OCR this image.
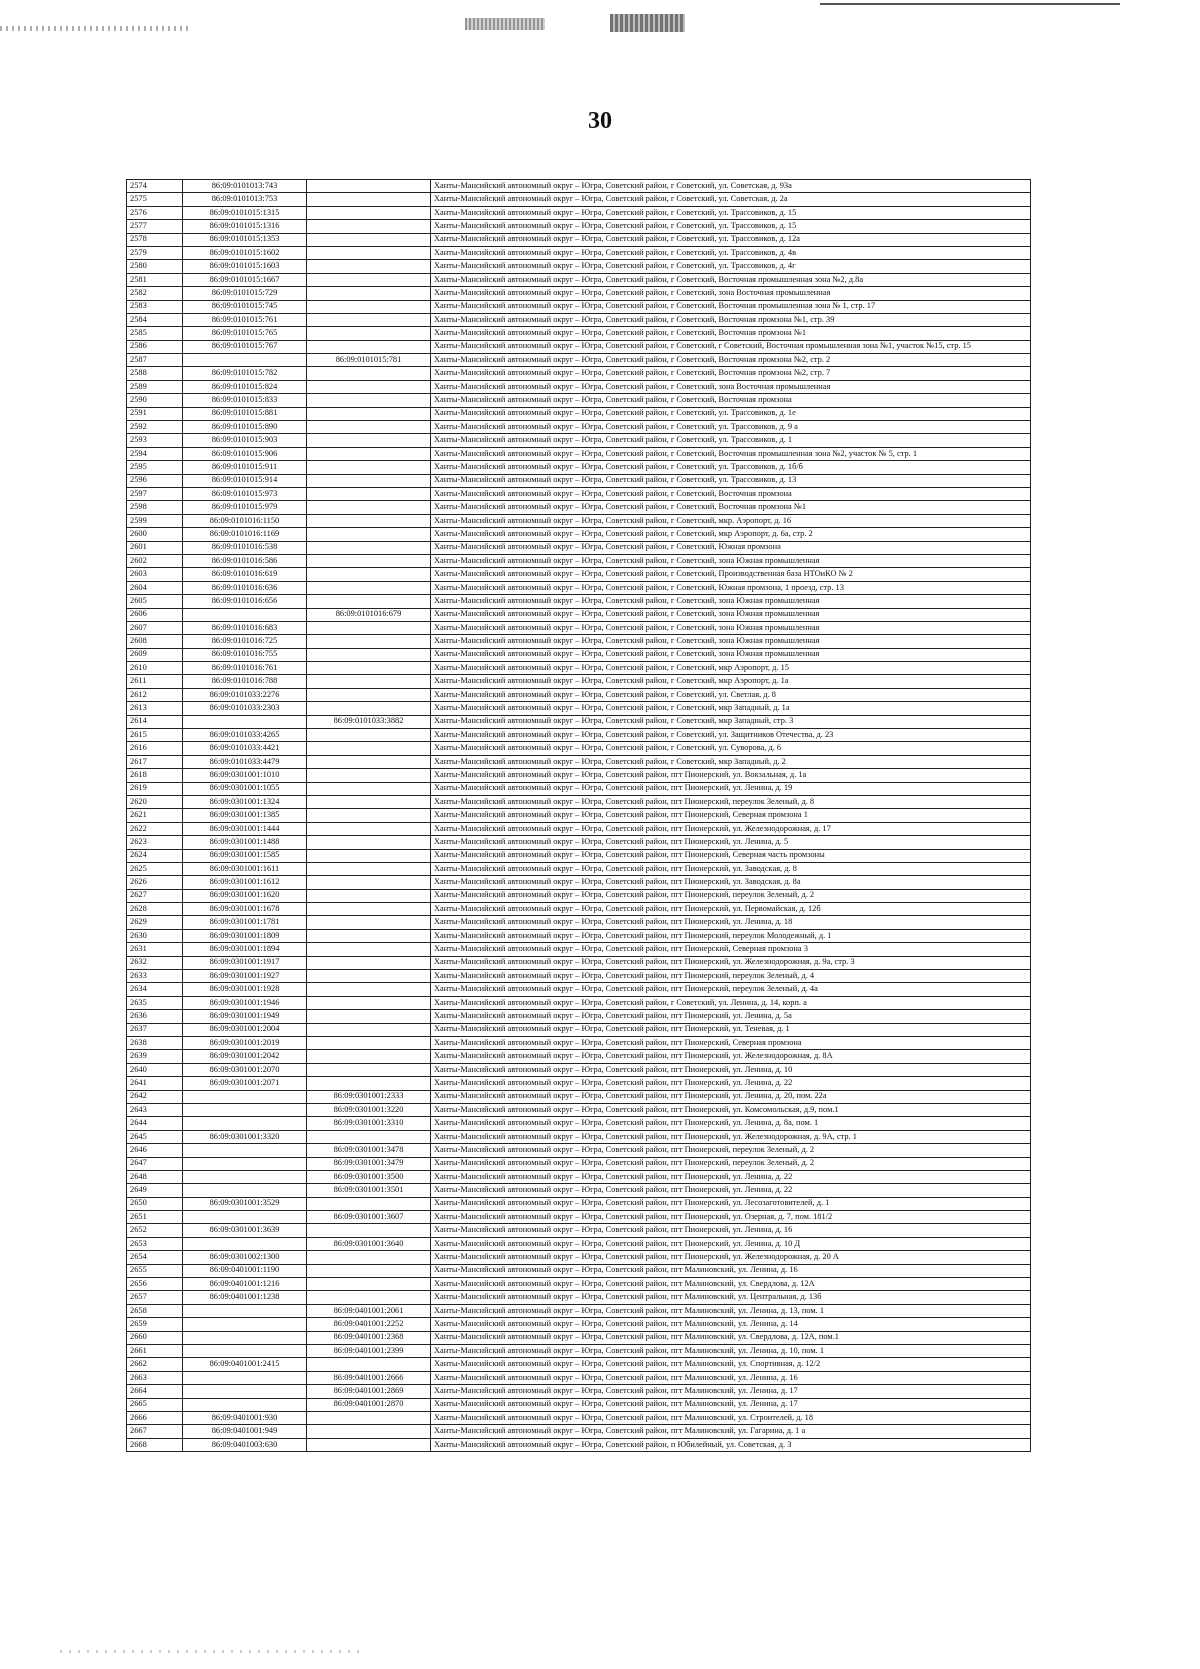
30
2574	86:09:0101013:743		Ханты-Мансийский автономный округ – Югра, Советский район, г Советский, ул. Советская, д. 93а
2575	86:09:0101013:753		Ханты-Мансийский автономный округ – Югра, Советский район, г Советский, ул. Советская, д. 2а
2576	86:09:0101015:1315		Ханты-Мансийский автономный округ – Югра, Советский район, г Советский, ул. Трассовиков, д. 15
2577	86:09:0101015:1316		Ханты-Мансийский автономный округ – Югра, Советский район, г Советский, ул. Трассовиков, д. 15
2578	86:09:0101015:1353		Ханты-Мансийский автономный округ – Югра, Советский район, г Советский, ул. Трассовиков, д. 12а
2579	86:09:0101015:1602		Ханты-Мансийский автономный округ – Югра, Советский район, г Советский, ул. Трассовиков, д. 4в
2580	86:09:0101015:1603		Ханты-Мансийский автономный округ – Югра, Советский район, г Советский, ул. Трассовиков, д. 4г
2581	86:09:0101015:1667		Ханты-Мансийский автономный округ – Югра, Советский район, г Советский, Восточная промышленная зона №2, д.8а
2582	86:09:0101015:729		Ханты-Мансийский автономный округ – Югра, Советский район, г Советский, зона Восточная промышленная
2583	86:09:0101015:745		Ханты-Мансийский автономный округ – Югра, Советский район, г Советский, Восточная промышленная зона № 1, стр. 17
2584	86:09:0101015:761		Ханты-Мансийский автономный округ – Югра, Советский район, г Советский, Восточная промзона №1, стр. 39
2585	86:09:0101015:765		Ханты-Мансийский автономный округ – Югра, Советский район, г Советский, Восточная промзона №1
2586	86:09:0101015:767		Ханты-Мансийский автономный округ – Югра, Советский район, г Советский, г Советский, Восточная промышленная зона №1, участок №15, стр. 15
2587		86:09:0101015:781	Ханты-Мансийский автономный округ – Югра, Советский район, г Советский, Восточная промзона №2, стр. 2
2588	86:09:0101015:782		Ханты-Мансийский автономный округ – Югра, Советский район, г Советский, Восточная промзона №2, стр. 7
2589	86:09:0101015:824		Ханты-Мансийский автономный округ – Югра, Советский район, г Советский, зона Восточная промышленная
2590	86:09:0101015:833		Ханты-Мансийский автономный округ – Югра, Советский район, г Советский, Восточная промзона
2591	86:09:0101015:881		Ханты-Мансийский автономный округ – Югра, Советский район, г Советский, ул. Трассовиков, д. 1е
2592	86:09:0101015:890		Ханты-Мансийский автономный округ – Югра, Советский район, г Советский, ул. Трассовиков, д. 9 а
2593	86:09:0101015:903		Ханты-Мансийский автономный округ – Югра, Советский район, г Советский, ул. Трассовиков, д. 1
2594	86:09:0101015:906		Ханты-Мансийский автономный округ – Югра, Советский район, г Советский, Восточная промышленная зона №2, участок № 5, стр. 1
2595	86:09:0101015:911		Ханты-Мансийский автономный округ – Югра, Советский район, г Советский, ул. Трассовиков, д. 1б/б
2596	86:09:0101015:914		Ханты-Мансийский автономный округ – Югра, Советский район, г Советский, ул. Трассовиков, д. 13
2597	86:09:0101015:973		Ханты-Мансийский автономный округ – Югра, Советский район, г Советский, Восточная промзона
2598	86:09:0101015:979		Ханты-Мансийский автономный округ – Югра, Советский район, г Советский, Восточная промзона №1
2599	86:09:0101016:1150		Ханты-Мансийский автономный округ – Югра, Советский район, г Советский, мкр. Аэропорт, д. 16
2600	86:09:0101016:1169		Ханты-Мансийский автономный округ – Югра, Советский район, г Советский, мкр Аэропорт, д. 6а, стр. 2
2601	86:09:0101016:538		Ханты-Мансийский автономный округ – Югра, Советский район, г Советский, Южная промзона
2602	86:09:0101016:586		Ханты-Мансийский автономный округ – Югра, Советский район, г Советский, зона Южная промышленная
2603	86:09:0101016:619		Ханты-Мансийский автономный округ – Югра, Советский район, г Советский, Производственная база НТОиКО № 2
2604	86:09:0101016:636		Ханты-Мансийский автономный округ – Югра, Советский район, г Советский, Южная промзона, 1 проезд, стр. 13
2605	86:09:0101016:656		Ханты-Мансийский автономный округ – Югра, Советский район, г Советский, зона Южная промышленная
2606		86:09:0101016:679	Ханты-Мансийский автономный округ – Югра, Советский район, г Советский, зона Южная промышленная
2607	86:09:0101016:683		Ханты-Мансийский автономный округ – Югра, Советский район, г Советский, зона Южная промышленная
2608	86:09:0101016:725		Ханты-Мансийский автономный округ – Югра, Советский район, г Советский, зона Южная промышленная
2609	86:09:0101016:755		Ханты-Мансийский автономный округ – Югра, Советский район, г Советский, зона Южная промышленная
2610	86:09:0101016:761		Ханты-Мансийский автономный округ – Югра, Советский район, г Советский, мкр Аэропорт, д. 15
2611	86:09:0101016:788		Ханты-Мансийский автономный округ – Югра, Советский район, г Советский, мкр Аэропорт, д. 1а
2612	86:09:0101033:2276		Ханты-Мансийский автономный округ – Югра, Советский район, г Советский, ул. Светлая, д. 8
2613	86:09:0101033:2303		Ханты-Мансийский автономный округ – Югра, Советский район, г Советский, мкр Западный, д. 1а
2614		86:09:0101033:3882	Ханты-Мансийский автономный округ – Югра, Советский район, г Советский, мкр Западный, стр. 3
2615	86:09:0101033:4265		Ханты-Мансийский автономный округ – Югра, Советский район, г Советский, ул. Защитников Отечества, д. 23
2616	86:09:0101033:4421		Ханты-Мансийский автономный округ – Югра, Советский район, г Советский, ул. Суворова, д. 6
2617	86:09:0101033:4479		Ханты-Мансийский автономный округ – Югра, Советский район, г Советский, мкр Западный, д. 2
2618	86:09:0301001:1010		Ханты-Мансийский автономный округ – Югра, Советский район, пгт Пионерский, ул. Вокзальная, д. 1а
2619	86:09:0301001:1055		Ханты-Мансийский автономный округ – Югра, Советский район, пгт Пионерский, ул. Ленина, д. 19
2620	86:09:0301001:1324		Ханты-Мансийский автономный округ – Югра, Советский район, пгт Пионерский, переулок Зеленый, д. 8
2621	86:09:0301001:1385		Ханты-Мансийский автономный округ – Югра, Советский район, пгт Пионерский, Северная промзона 1
2622	86:09:0301001:1444		Ханты-Мансийский автономный округ – Югра, Советский район, пгт Пионерский, ул. Железнодорожная, д. 17
2623	86:09:0301001:1488		Ханты-Мансийский автономный округ – Югра, Советский район, пгт Пионерский, ул. Ленина, д. 5
2624	86:09:0301001:1585		Ханты-Мансийский автономный округ – Югра, Советский район, пгт Пионерский, Северная часть промзоны
2625	86:09:0301001:1611		Ханты-Мансийский автономный округ – Югра, Советский район, пгт Пионерский, ул. Заводская, д. 8
2626	86:09:0301001:1612		Ханты-Мансийский автономный округ – Югра, Советский район, пгт Пионерский, ул. Заводская, д. 8а
2627	86:09:0301001:1620		Ханты-Мансийский автономный округ – Югра, Советский район, пгт Пионерский, переулок Зеленый, д. 2
2628	86:09:0301001:1678		Ханты-Мансийский автономный округ – Югра, Советский район, пгт Пионерский, ул. Первомайская, д. 12б
2629	86:09:0301001:1781		Ханты-Мансийский автономный округ – Югра, Советский район, пгт Пионерский, ул. Ленина, д. 18
2630	86:09:0301001:1809		Ханты-Мансийский автономный округ – Югра, Советский район, пгт Пионерский, переулок Молодежный, д. 1
2631	86:09:0301001:1894		Ханты-Мансийский автономный округ – Югра, Советский район, пгт Пионерский, Северная промзона 3
2632	86:09:0301001:1917		Ханты-Мансийский автономный округ – Югра, Советский район, пгт Пионерский, ул. Железнодорожная, д. 9а, стр. 3
2633	86:09:0301001:1927		Ханты-Мансийский автономный округ – Югра, Советский район, пгт Пионерский, переулок Зеленый, д. 4
2634	86:09:0301001:1928		Ханты-Мансийский автономный округ – Югра, Советский район, пгт Пионерский, переулок Зеленый, д. 4а
2635	86:09:0301001:1946		Ханты-Мансийский автономный округ – Югра, Советский район, г Советский, ул. Ленина, д. 14, корп. а
2636	86:09:0301001:1949		Ханты-Мансийский автономный округ – Югра, Советский район, пгт Пионерский, ул. Ленина, д. 5а
2637	86:09:0301001:2004		Ханты-Мансийский автономный округ – Югра, Советский район, пгт Пионерский, ул. Теневая, д. 1
2638	86:09:0301001:2019		Ханты-Мансийский автономный округ – Югра, Советский район, пгт Пионерский, Северная промзона
2639	86:09:0301001:2042		Ханты-Мансийский автономный округ – Югра, Советский район, пгт Пионерский, ул. Железнодорожная, д. 8А
2640	86:09:0301001:2070		Ханты-Мансийский автономный округ – Югра, Советский район, пгт Пионерский, ул. Ленина, д. 10
2641	86:09:0301001:2071		Ханты-Мансийский автономный округ – Югра, Советский район, пгт Пионерский, ул. Ленина, д. 22
2642		86:09:0301001:2333	Ханты-Мансийский автономный округ – Югра, Советский район, пгт Пионерский, ул. Ленина, д. 20, пом. 22а
2643		86:09:0301001:3220	Ханты-Мансийский автономный округ – Югра, Советский район, пгт Пионерский, ул. Комсомольская, д.9, пом.1
2644		86:09:0301001:3310	Ханты-Мансийский автономный округ – Югра, Советский район, пгт Пионерский, ул. Ленина, д. 8а, пом. 1
2645	86:09:0301001:3320		Ханты-Мансийский автономный округ – Югра, Советский район, пгт Пионерский, ул. Железнодорожная, д. 9А, стр. 1
2646		86:09:0301001:3478	Ханты-Мансийский автономный округ – Югра, Советский район, пгт Пионерский, переулок Зеленый, д. 2
2647		86:09:0301001:3479	Ханты-Мансийский автономный округ – Югра, Советский район, пгт Пионерский, переулок Зеленый, д. 2
2648		86:09:0301001:3500	Ханты-Мансийский автономный округ – Югра, Советский район, пгт Пионерский, ул. Ленина, д. 22
2649		86:09:0301001:3501	Ханты-Мансийский автономный округ – Югра, Советский район, пгт Пионерский, ул. Ленина, д. 22
2650	86:09:0301001:3529		Ханты-Мансийский автономный округ – Югра, Советский район, пгт Пионерский, ул. Лесозаготовителей, д. 1
2651		86:09:0301001:3607	Ханты-Мансийский автономный округ – Югра, Советский район, пгт Пионерский, ул. Озерная, д. 7, пом. 181/2
2652	86:09:0301001:3639		Ханты-Мансийский автономный округ – Югра, Советский район, пгт Пионерский, ул. Ленина, д. 16
2653		86:09:0301001:3640	Ханты-Мансийский автономный округ – Югра, Советский район, пгт Пионерский, ул. Ленина, д. 10 Д
2654	86:09:0301002:1300		Ханты-Мансийский автономный округ – Югра, Советский район, пгт Пионерский, ул. Железнодорожная, д. 20 А
2655	86:09:0401001:1190		Ханты-Мансийский автономный округ – Югра, Советский район, пгт Малиновский, ул. Ленина, д. 16
2656	86:09:0401001:1216		Ханты-Мансийский автономный округ – Югра, Советский район, пгт Малиновский, ул. Свердлова, д. 12А
2657	86:09:0401001:1238		Ханты-Мансийский автономный округ – Югра, Советский район, пгт Малиновский, ул. Центральная, д. 13б
2658		86:09:0401001:2061	Ханты-Мансийский автономный округ – Югра, Советский район, пгт Малиновский, ул. Ленина, д. 13, пом. 1
2659		86:09:0401001:2252	Ханты-Мансийский автономный округ – Югра, Советский район, пгт Малиновский, ул. Ленина, д. 14
2660		86:09:0401001:2368	Ханты-Мансийский автономный округ – Югра, Советский район, пгт Малиновский, ул. Свердлова, д. 12А, пом.1
2661		86:09:0401001:2399	Ханты-Мансийский автономный округ – Югра, Советский район, пгт Малиновский, ул. Ленина, д. 10, пом. 1
2662	86:09:0401001:2415		Ханты-Мансийский автономный округ – Югра, Советский район, пгт Малиновский, ул. Спортивная, д. 12/2
2663		86:09:0401001:2666	Ханты-Мансийский автономный округ – Югра, Советский район, пгт Малиновский, ул. Ленина, д. 16
2664		86:09:0401001:2869	Ханты-Мансийский автономный округ – Югра, Советский район, пгт Малиновский, ул. Ленина, д. 17
2665		86:09:0401001:2870	Ханты-Мансийский автономный округ – Югра, Советский район, пгт Малиновский, ул. Ленина, д. 17
2666	86:09:0401001:930		Ханты-Мансийский автономный округ – Югра, Советский район, пгт Малиновский, ул. Строителей, д. 18
2667	86:09:0401001:949		Ханты-Мансийский автономный округ – Югра, Советский район, пгт Малиновский, ул. Гагарина, д. 1 а
2668	86:09:0401003:630		Ханты-Мансийский автономный округ – Югра, Советский район, п Юбилейный, ул. Советская, д. 3
